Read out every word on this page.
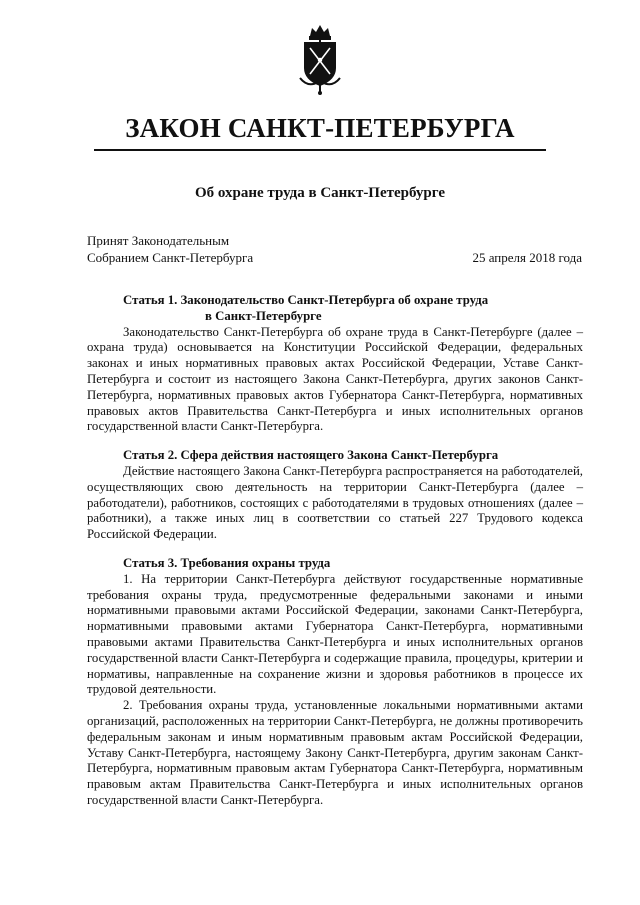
ЗАКОН САНКТ-ПЕТЕРБУРГА
Об охране труда в Санкт-Петербурге
Принят Законодательным
Собранием Санкт-Петербурга	25 апреля 2018 года

Статья 1. Законодательство Санкт-Петербурга об охране труда
в Санкт-Петербурге

Законодательство Санкт-Петербурга об охране труда в Санкт-Петербурге (далее – охрана труда) основывается на Конституции Российской Федерации, федеральных законах и иных нормативных правовых актах Российской Федерации, Уставе Санкт-Петербурга и состоит из настоящего Закона Санкт-Петербурга, других законов Санкт-Петербурга, нормативных правовых актов Губернатора Санкт-Петербурга, нормативных правовых актов Правительства Санкт-Петербурга и иных исполнительных органов государственной власти Санкт-Петербурга.

Статья 2. Сфера действия настоящего Закона Санкт-Петербурга

Действие настоящего Закона Санкт-Петербурга распространяется на работодателей, осуществляющих свою деятельность на территории Санкт-Петербурга (далее – работодатели), работников, состоящих с работодателями в трудовых отношениях (далее – работники), а также иных лиц в соответствии со статьей 227 Трудового кодекса Российской Федерации.

Статья 3. Требования охраны труда

1. На территории Санкт-Петербурга действуют государственные нормативные требования охраны труда, предусмотренные федеральными законами и иными нормативными правовыми актами Российской Федерации, законами Санкт-Петербурга, нормативными правовыми актами Губернатора Санкт-Петербурга, нормативными правовыми актами Правительства Санкт-Петербурга и иных исполнительных органов государственной власти Санкт-Петербурга и содержащие правила, процедуры, критерии и нормативы, направленные на сохранение жизни и здоровья работников в процессе их трудовой деятельности.

2. Требования охраны труда, установленные локальными нормативными актами организаций, расположенных на территории Санкт-Петербурга, не должны противоречить федеральным законам и иным нормативным правовым актам Российской Федерации, Уставу Санкт-Петербурга, настоящему Закону Санкт-Петербурга, другим законам Санкт-Петербурга, нормативным правовым актам Губернатора Санкт-Петербурга, нормативным правовым актам Правительства Санкт-Петербурга и иных исполнительных органов государственной власти Санкт-Петербурга.
